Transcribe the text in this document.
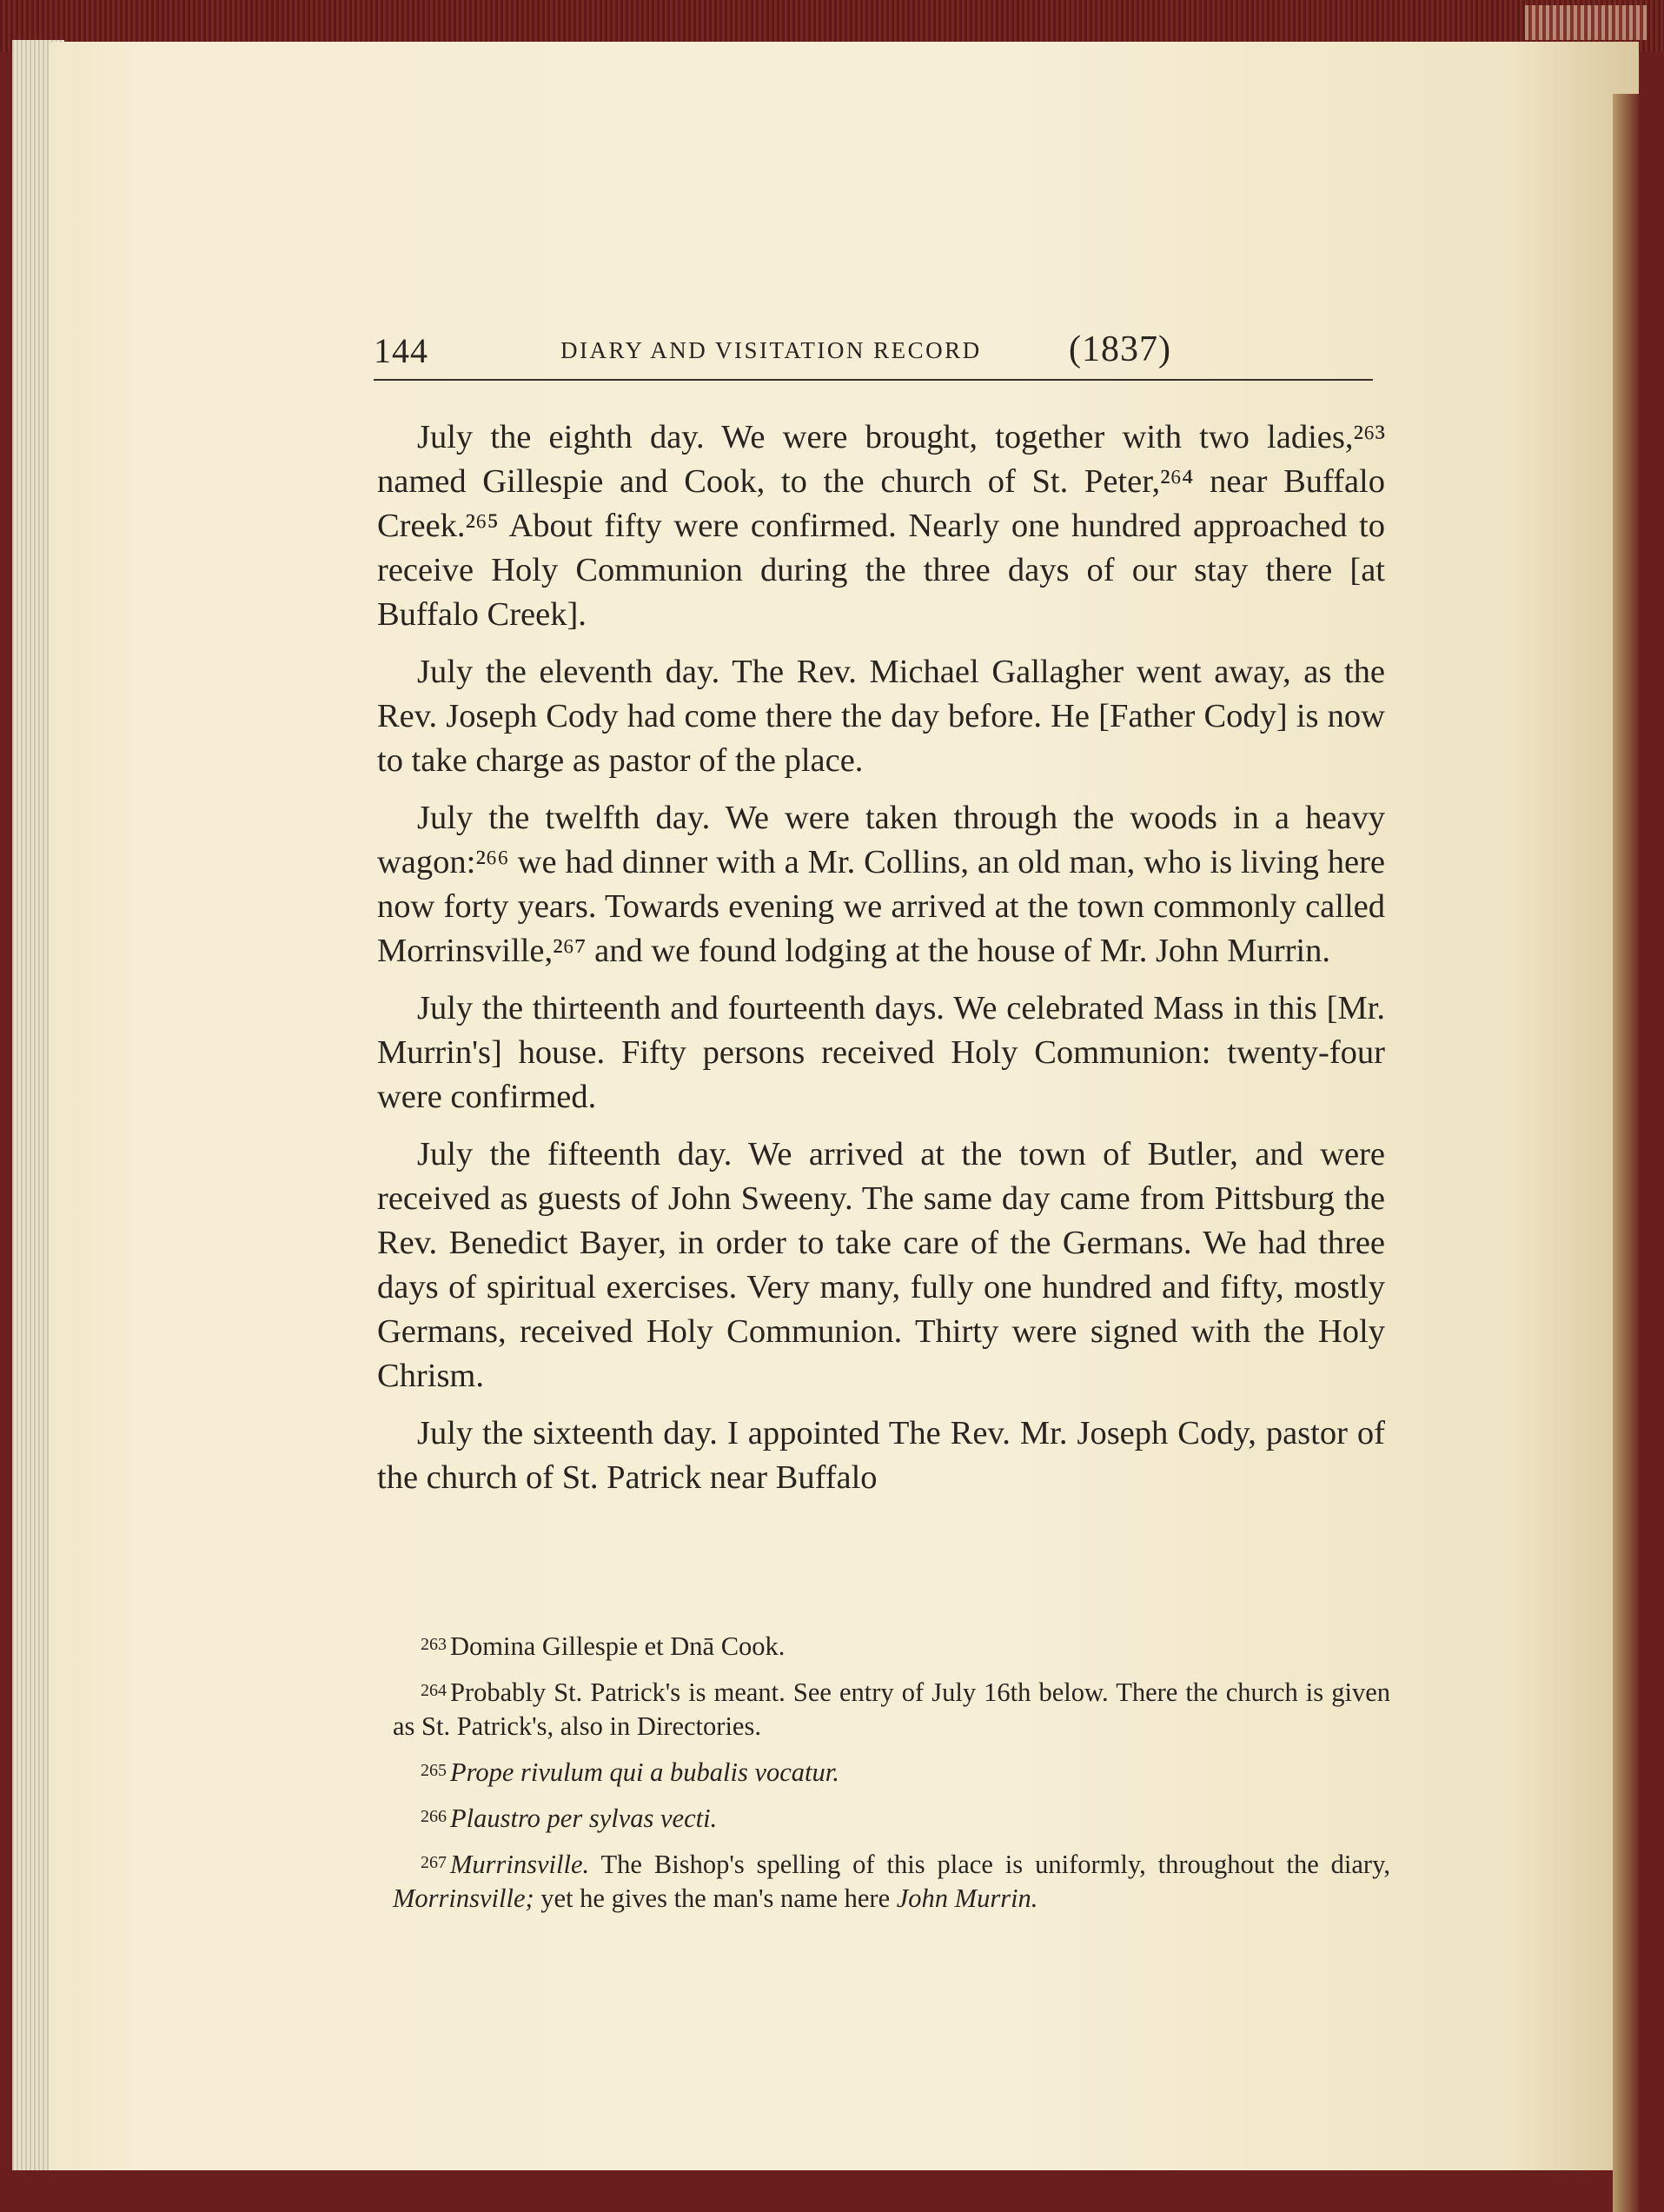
144	DIARY AND VISITATION RECORD (1837)

July the eighth day. We were brought, together with two ladies,²⁶³ named Gillespie and Cook, to the church of St. Peter,²⁶⁴ near Buffalo Creek.²⁶⁵ About fifty were confirmed. Nearly one hundred approached to receive Holy Communion during the three days of our stay there [at Buffalo Creek].

July the eleventh day. The Rev. Michael Gallagher went away, as the Rev. Joseph Cody had come there the day before. He [Father Cody] is now to take charge as pastor of the place.

July the twelfth day. We were taken through the woods in a heavy wagon:²⁶⁶ we had dinner with a Mr. Collins, an old man, who is living here now forty years. Towards evening we arrived at the town commonly called Morrinsville,²⁶⁷ and we found lodging at the house of Mr. John Murrin.

July the thirteenth and fourteenth days. We celebrated Mass in this [Mr. Murrin's] house. Fifty persons received Holy Communion: twenty-four were confirmed.

July the fifteenth day. We arrived at the town of Butler, and were received as guests of John Sweeny. The same day came from Pittsburg the Rev. Benedict Bayer, in order to take care of the Germans. We had three days of spiritual exercises. Very many, fully one hundred and fifty, mostly Germans, received Holy Communion. Thirty were signed with the Holy Chrism.

July the sixteenth day. I appointed The Rev. Mr. Joseph Cody, pastor of the church of St. Patrick near Buffalo

263 Domina Gillespie et Dnā Cook.

264 Probably St. Patrick's is meant. See entry of July 16th below. There the church is given as St. Patrick's, also in Directories.

265 Prope rivulum qui a bubalis vocatur.

266 Plaustro per sylvas vecti.

267 Murrinsville. The Bishop's spelling of this place is uniformly, throughout the diary, Morrinsville; yet he gives the man's name here John Murrin.
